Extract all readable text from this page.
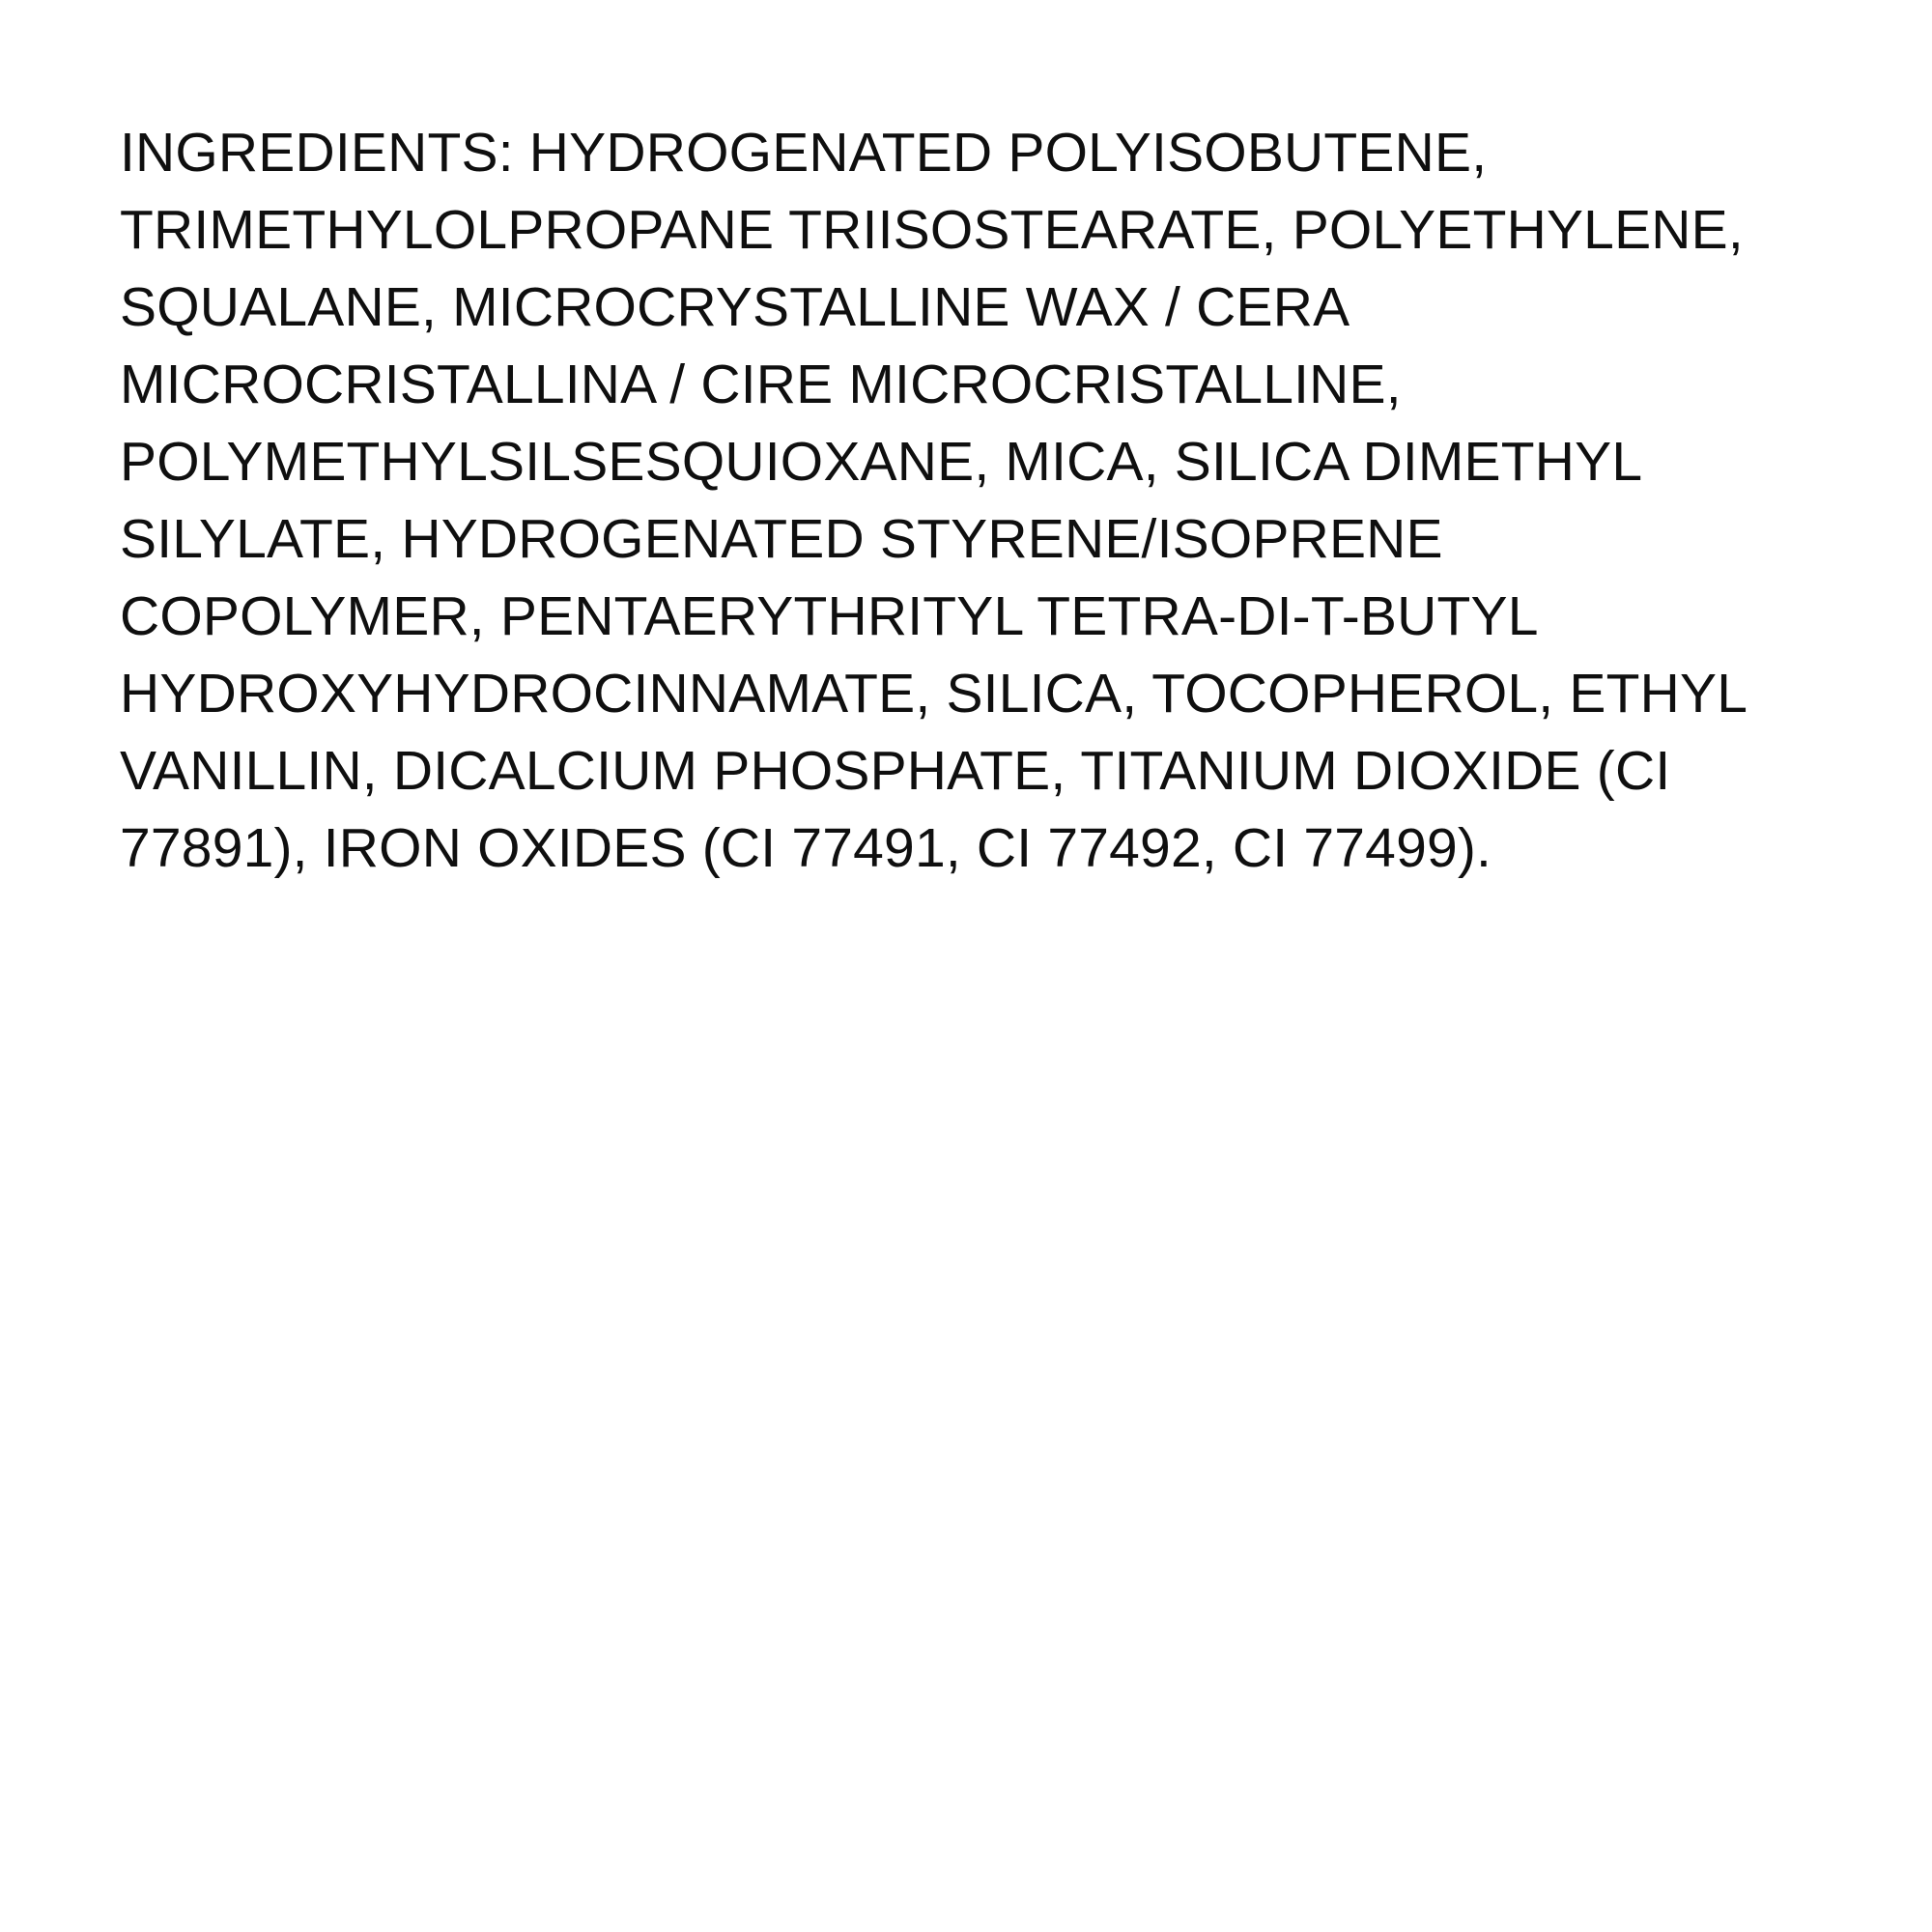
INGREDIENTS: HYDROGENATED POLYISOBUTENE, TRIMETHYLOLPROPANE TRIISOSTEARATE, POLYETHYLENE, SQUALANE, MICROCRYSTALLINE WAX / CERA MICROCRISTALLINA / CIRE MICROCRISTALLINE, POLYMETHYLSILSESQUIOXANE, MICA, SILICA DIMETHYL SILYLATE, HYDROGENATED STYRENE/ISOPRENE COPOLYMER, PENTAERYTHRITYL TETRA-DI-T-BUTYL HYDROXYHYDROCINNAMATE, SILICA, TOCOPHEROL, ETHYL VANILLIN, DICALCIUM PHOSPHATE, TITANIUM DIOXIDE (CI 77891), IRON OXIDES (CI 77491, CI 77492, CI 77499).
